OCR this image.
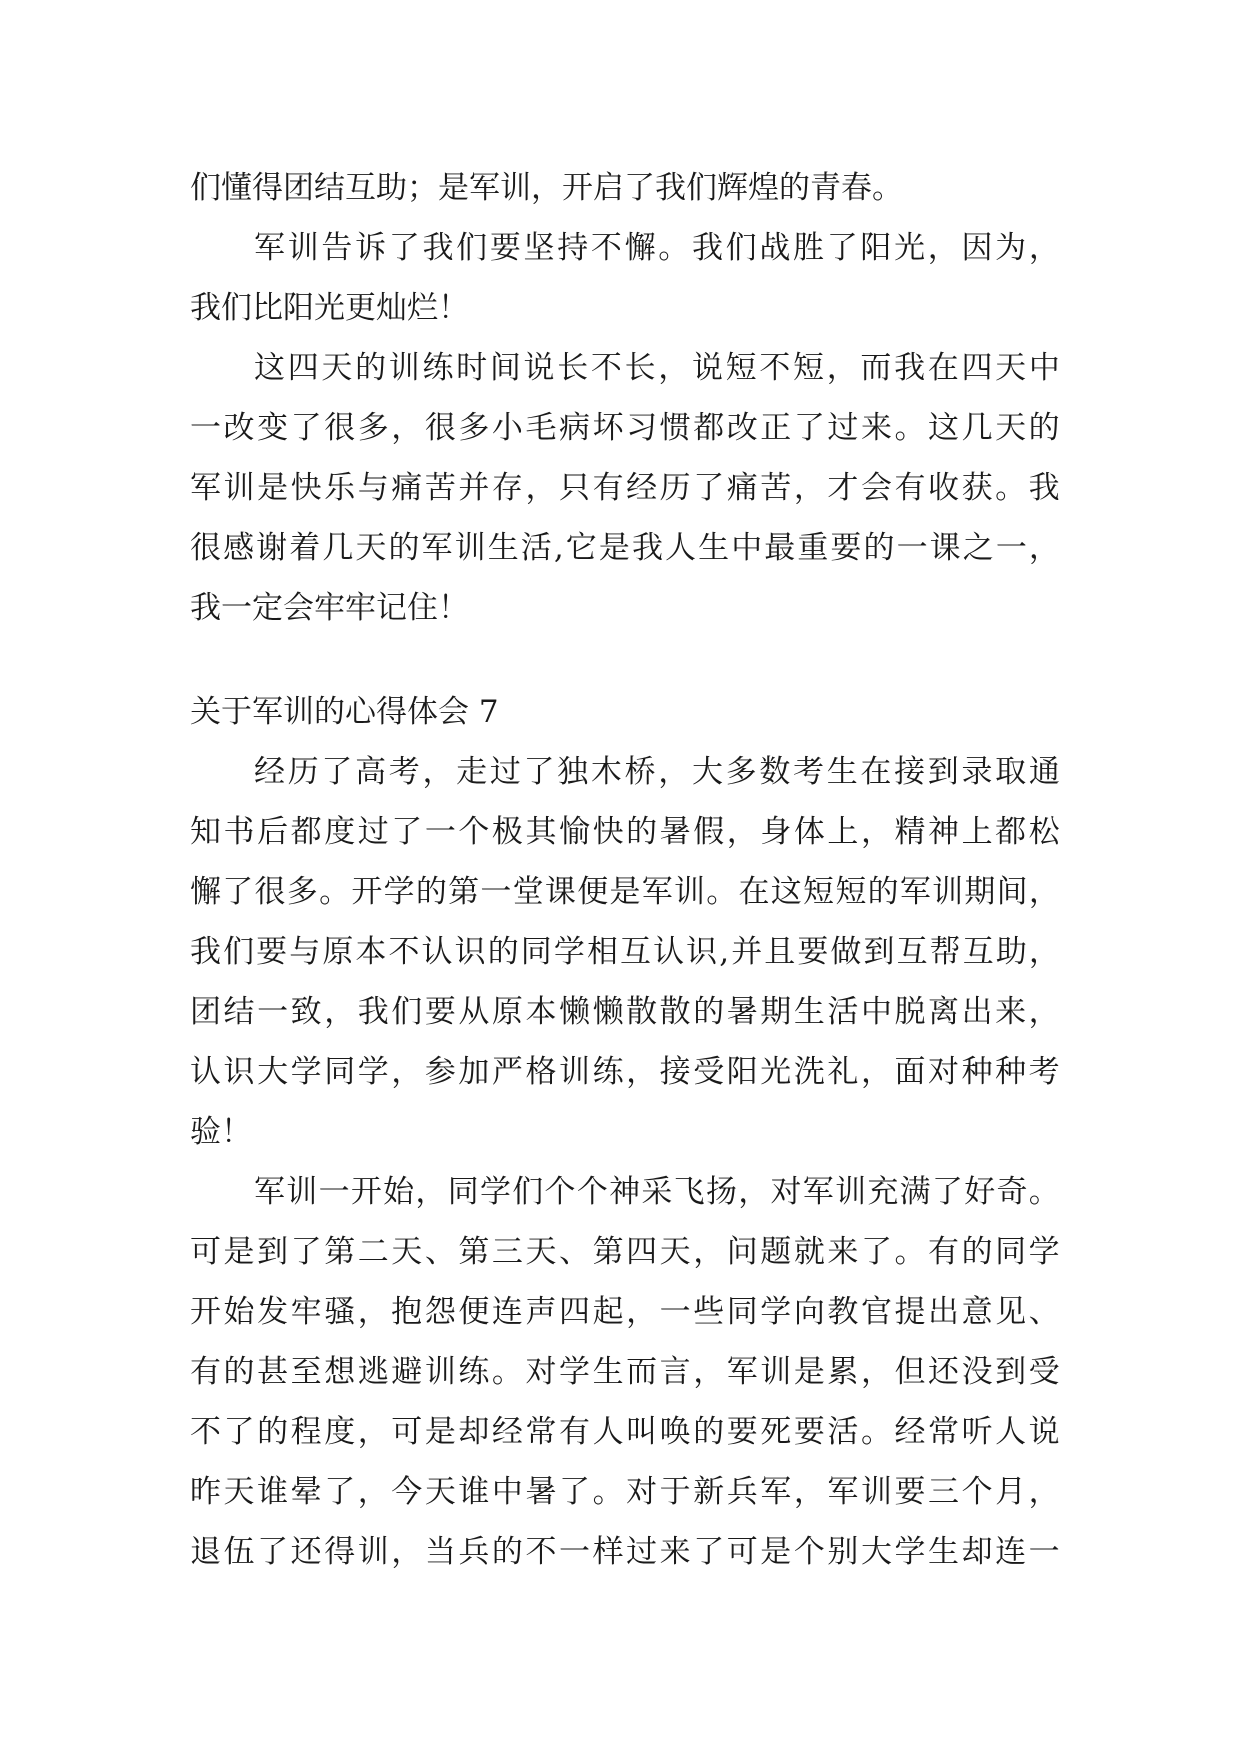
们懂得团结互助；是军训，开启了我们辉煌的青春。
军 训 告 诉 了 我 们 要 坚 持 不 懈 。 我 们 战 胜 了 阳 光 ， 因 为 ，
我们比阳光更灿烂！
这 四 天 的 训 练 时 间 说 长 不 长 ， 说 短 不 短 ， 而 我 在 四 天 中
一 改 变 了 很 多 ， 很 多 小 毛 病 坏 习 惯 都 改 正 了 过 来 。 这 几 天 的
军 训 是 快 乐 与 痛 苦 并 存 ， 只 有 经 历 了 痛 苦 ， 才 会 有 收 获 。 我
很 感 谢 着 几 天 的 军 训 生 活 , 它 是 我 人 生 中 最 重 要 的 一 课 之 一 ，
我一定会牢牢记住！
关于军训的心得体会 7
经 历 了 高 考 ， 走 过 了 独 木 桥 ， 大 多 数 考 生 在 接 到 录 取 通
知 书 后 都 度 过 了 一 个 极 其 愉 快 的 暑 假 ， 身 体 上 ， 精 神 上 都 松
懈 了 很 多 。 开 学 的 第 一 堂 课 便 是 军 训 。 在 这 短 短 的 军 训 期 间 ，
我 们 要 与 原 本 不 认 识 的 同 学 相 互 认 识 , 并 且 要 做 到 互 帮 互 助 ，
团 结 一 致 ， 我 们 要 从 原 本 懒 懒 散 散 的 暑 期 生 活 中 脱 离 出 来 ，
认 识 大 学 同 学 ， 参 加 严 格 训 练 ， 接 受 阳 光 洗 礼 ， 面 对 种 种 考
验！
军 训 一 开 始 ， 同 学 们 个 个 神 采 飞 扬 ， 对 军 训 充 满 了 好 奇 。
可 是 到 了 第 二 天 、 第 三 天 、 第 四 天 ， 问 题 就 来 了 。 有 的 同 学
开 始 发 牢 骚 ， 抱 怨 便 连 声 四 起 ， 一 些 同 学 向 教 官 提 出 意 见 、
有 的 甚 至 想 逃 避 训 练 。 对 学 生 而 言 ， 军 训 是 累 ， 但 还 没 到 受
不 了 的 程 度 ， 可 是 却 经 常 有 人 叫 唤 的 要 死 要 活 。 经 常 听 人 说
昨 天 谁 晕 了 ， 今 天 谁 中 暑 了 。 对 于 新 兵 军 ， 军 训 要 三 个 月 ，
退 伍 了 还 得 训 ， 当 兵 的 不 一 样 过 来 了 可 是 个 别 大 学 生 却 连 一
